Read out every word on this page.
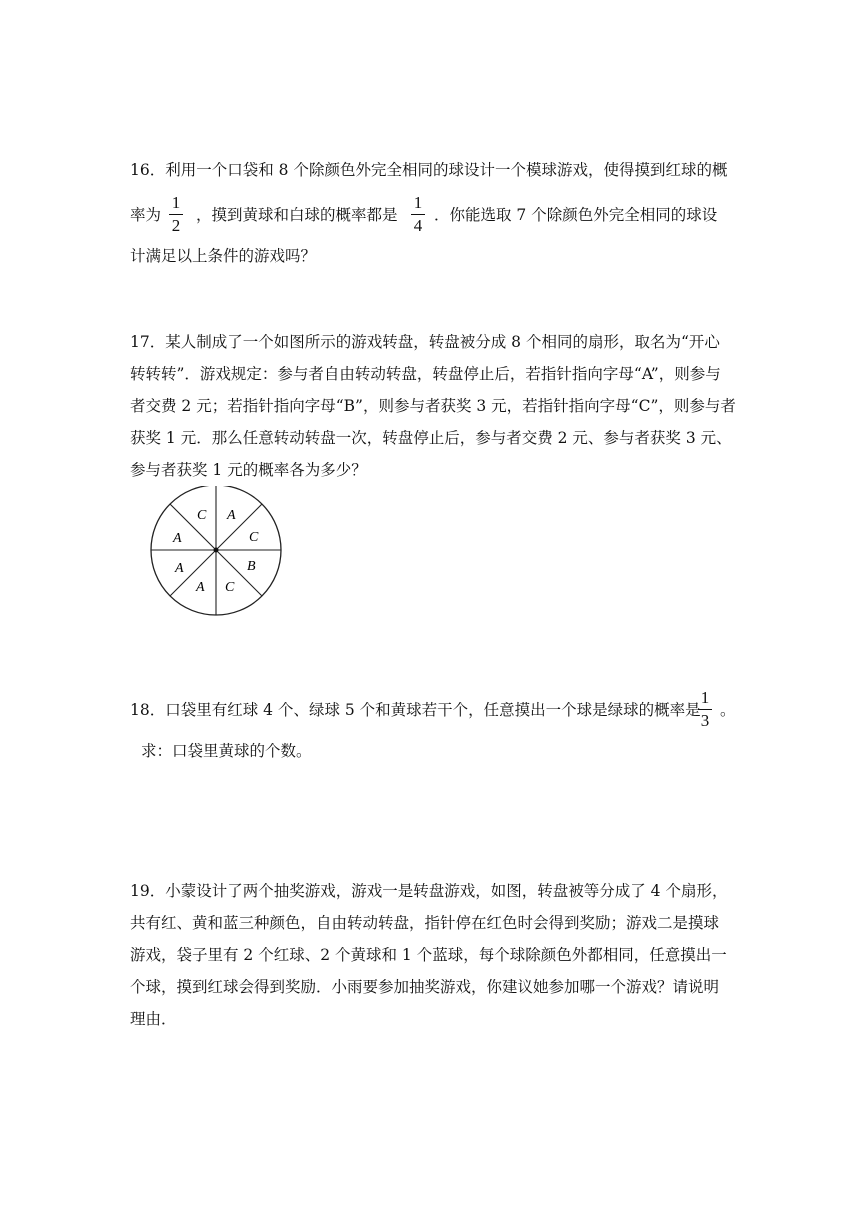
16．利用一个口袋和 8 个除颜色外完全相同的球设计一个模球游戏，使得摸到红球的概
率为
1
2
，摸到黄球和白球的概率都是
1
4
．你能选取 7 个除颜色外完全相同的球设
计满足以上条件的游戏吗？
17．某人制成了一个如图所示的游戏转盘，转盘被分成 8 个相同的扇形，取名为“开心
转转转”．游戏规定：参与者自由转动转盘，转盘停止后，若指针指向字母“A”，则参与
者交费 2 元；若指针指向字母“B”，则参与者获奖 3 元，若指针指向字母“C”，则参与者
获奖 1 元．那么任意转动转盘一次，转盘停止后，参与者交费 2 元、参与者获奖 3 元、
参与者获奖 1 元的概率各为多少？
C A
C
B
C
A
A
A
18．口袋里有红球 4 个、绿球 5 个和黄球若干个，任意摸出一个球是绿球的概率是
1
3
。
求：口袋里黄球的个数。
19．小蒙设计了两个抽奖游戏，游戏一是转盘游戏，如图，转盘被等分成了 4 个扇形，
共有红、黄和蓝三种颜色，自由转动转盘，指针停在红色时会得到奖励；游戏二是摸球
游戏，袋子里有 2 个红球、2 个黄球和 1 个蓝球，每个球除颜色外都相同，任意摸出一
个球，摸到红球会得到奖励．小雨要参加抽奖游戏，你建议她参加哪一个游戏？请说明
理由．
